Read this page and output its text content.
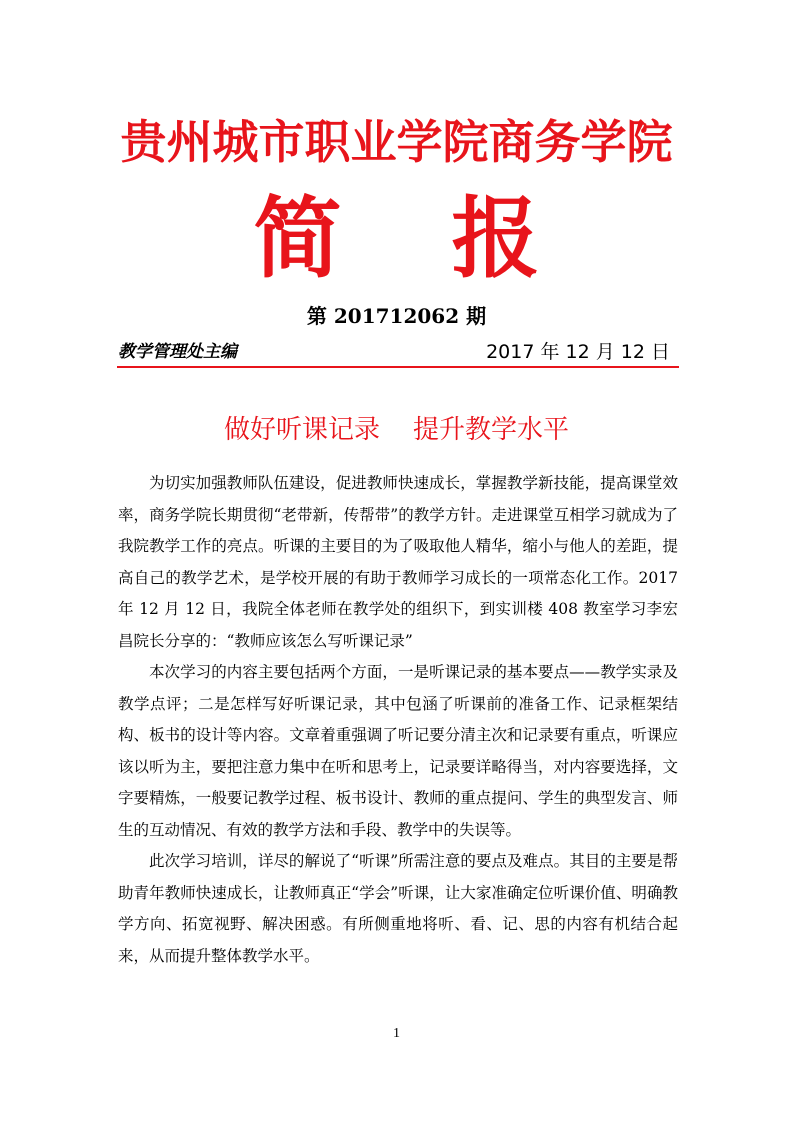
贵州城市职业学院商务学院
简 报
第 201712062 期
教学管理处主编	2017 年 12 月 12 日
做好听课记录    提升教学水平

为切实加强教师队伍建设，促进教师快速成长，掌握教学新技能，提高课堂效率，商务学院长期贯彻“老带新，传帮带”的教学方针。走进课堂互相学习就成为了我院教学工作的亮点。听课的主要目的为了吸取他人精华，缩小与他人的差距，提高自己的教学艺术，是学校开展的有助于教师学习成长的一项常态化工作。2017 年 12 月 12 日，我院全体老师在教学处的组织下，到实训楼 408 教室学习李宏昌院长分享的：“教师应该怎么写听课记录”

本次学习的内容主要包括两个方面，一是听课记录的基本要点——教学实录及教学点评；二是怎样写好听课记录，其中包涵了听课前的准备工作、记录框架结构、板书的设计等内容。文章着重强调了听记要分清主次和记录要有重点，听课应该以听为主，要把注意力集中在听和思考上，记录要详略得当，对内容要选择，文字要精炼，一般要记教学过程、板书设计、教师的重点提问、学生的典型发言、师生的互动情况、有效的教学方法和手段、教学中的失误等。

此次学习培训，详尽的解说了“听课”所需注意的要点及难点。其目的主要是帮助青年教师快速成长，让教师真正“学会”听课，让大家准确定位听课价值、明确教学方向、拓宽视野、解决困惑。有所侧重地将听、看、记、思的内容有机结合起来，从而提升整体教学水平。

1
